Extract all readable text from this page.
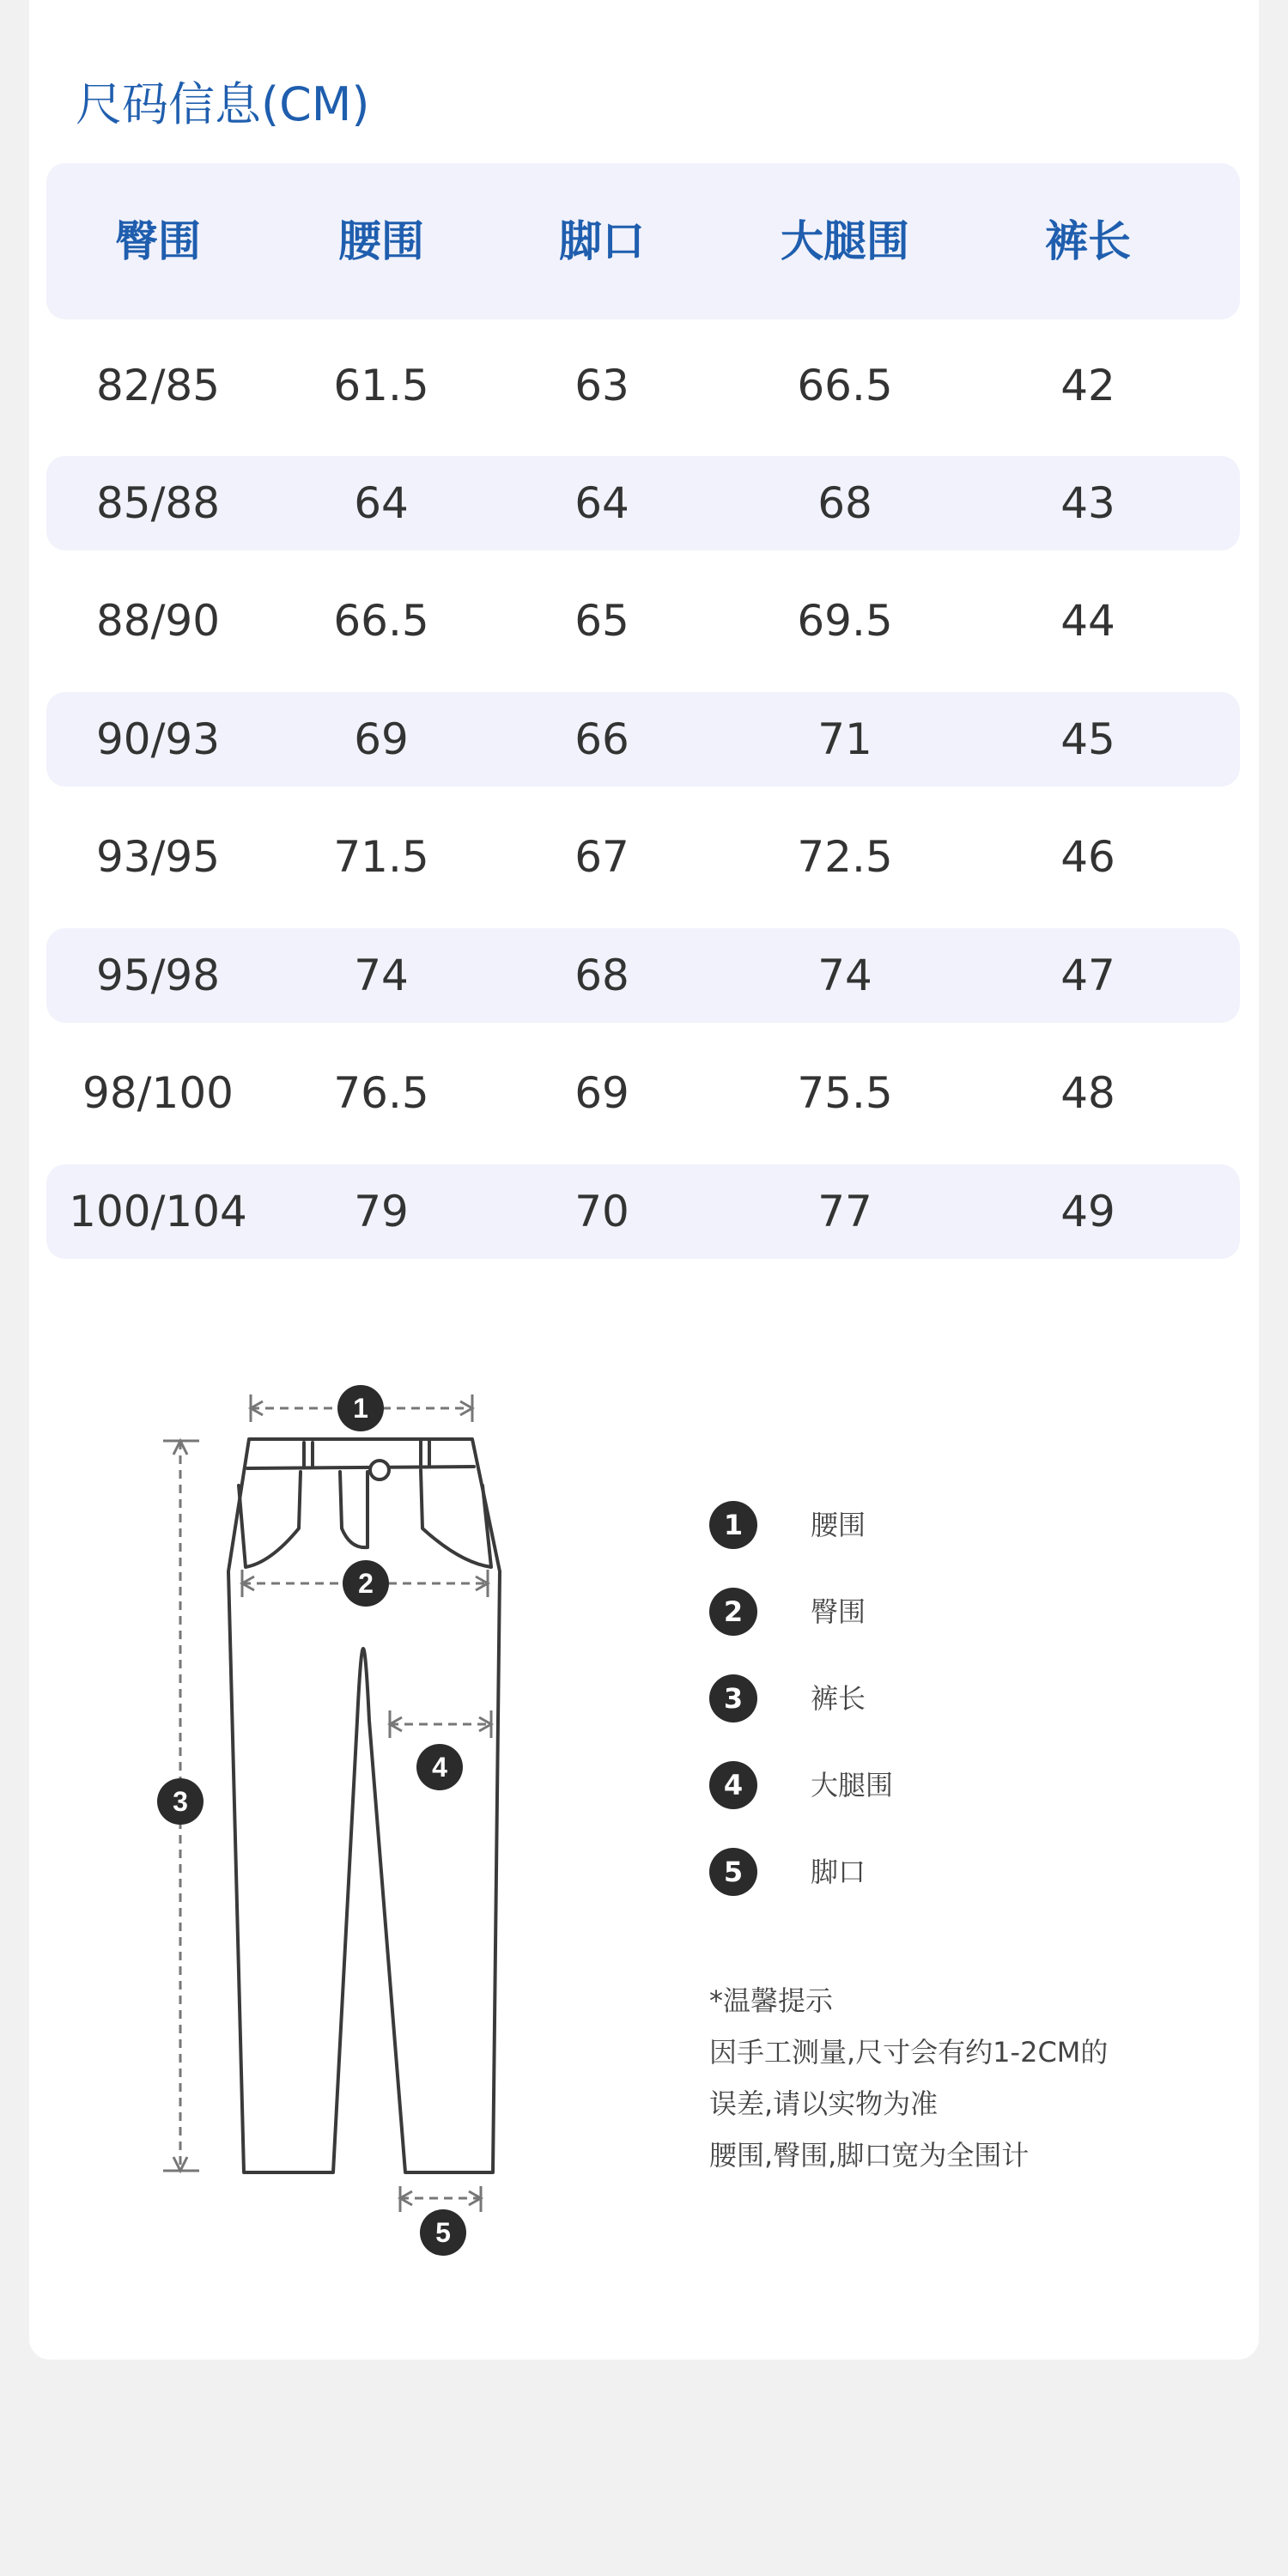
尺码信息(CM)
臀围	腰围	脚口	大腿围	裤长
82/85	61.5	63	66.5	42
85/88	64	64	68	43
88/90	66.5	65	69.5	44
90/93	69	66	71	45
93/95	71.5	67	72.5	46
95/98	74	68	74	47
98/100	76.5	69	75.5	48
100/104	79	70	77	49
1
2
3
4
5
1	腰围
2	臀围
3	裤长
4	大腿围
5	脚口
*温馨提示
因手工测量,尺寸会有约1-2CM的
误差,请以实物为准
腰围,臀围,脚口宽为全围计
